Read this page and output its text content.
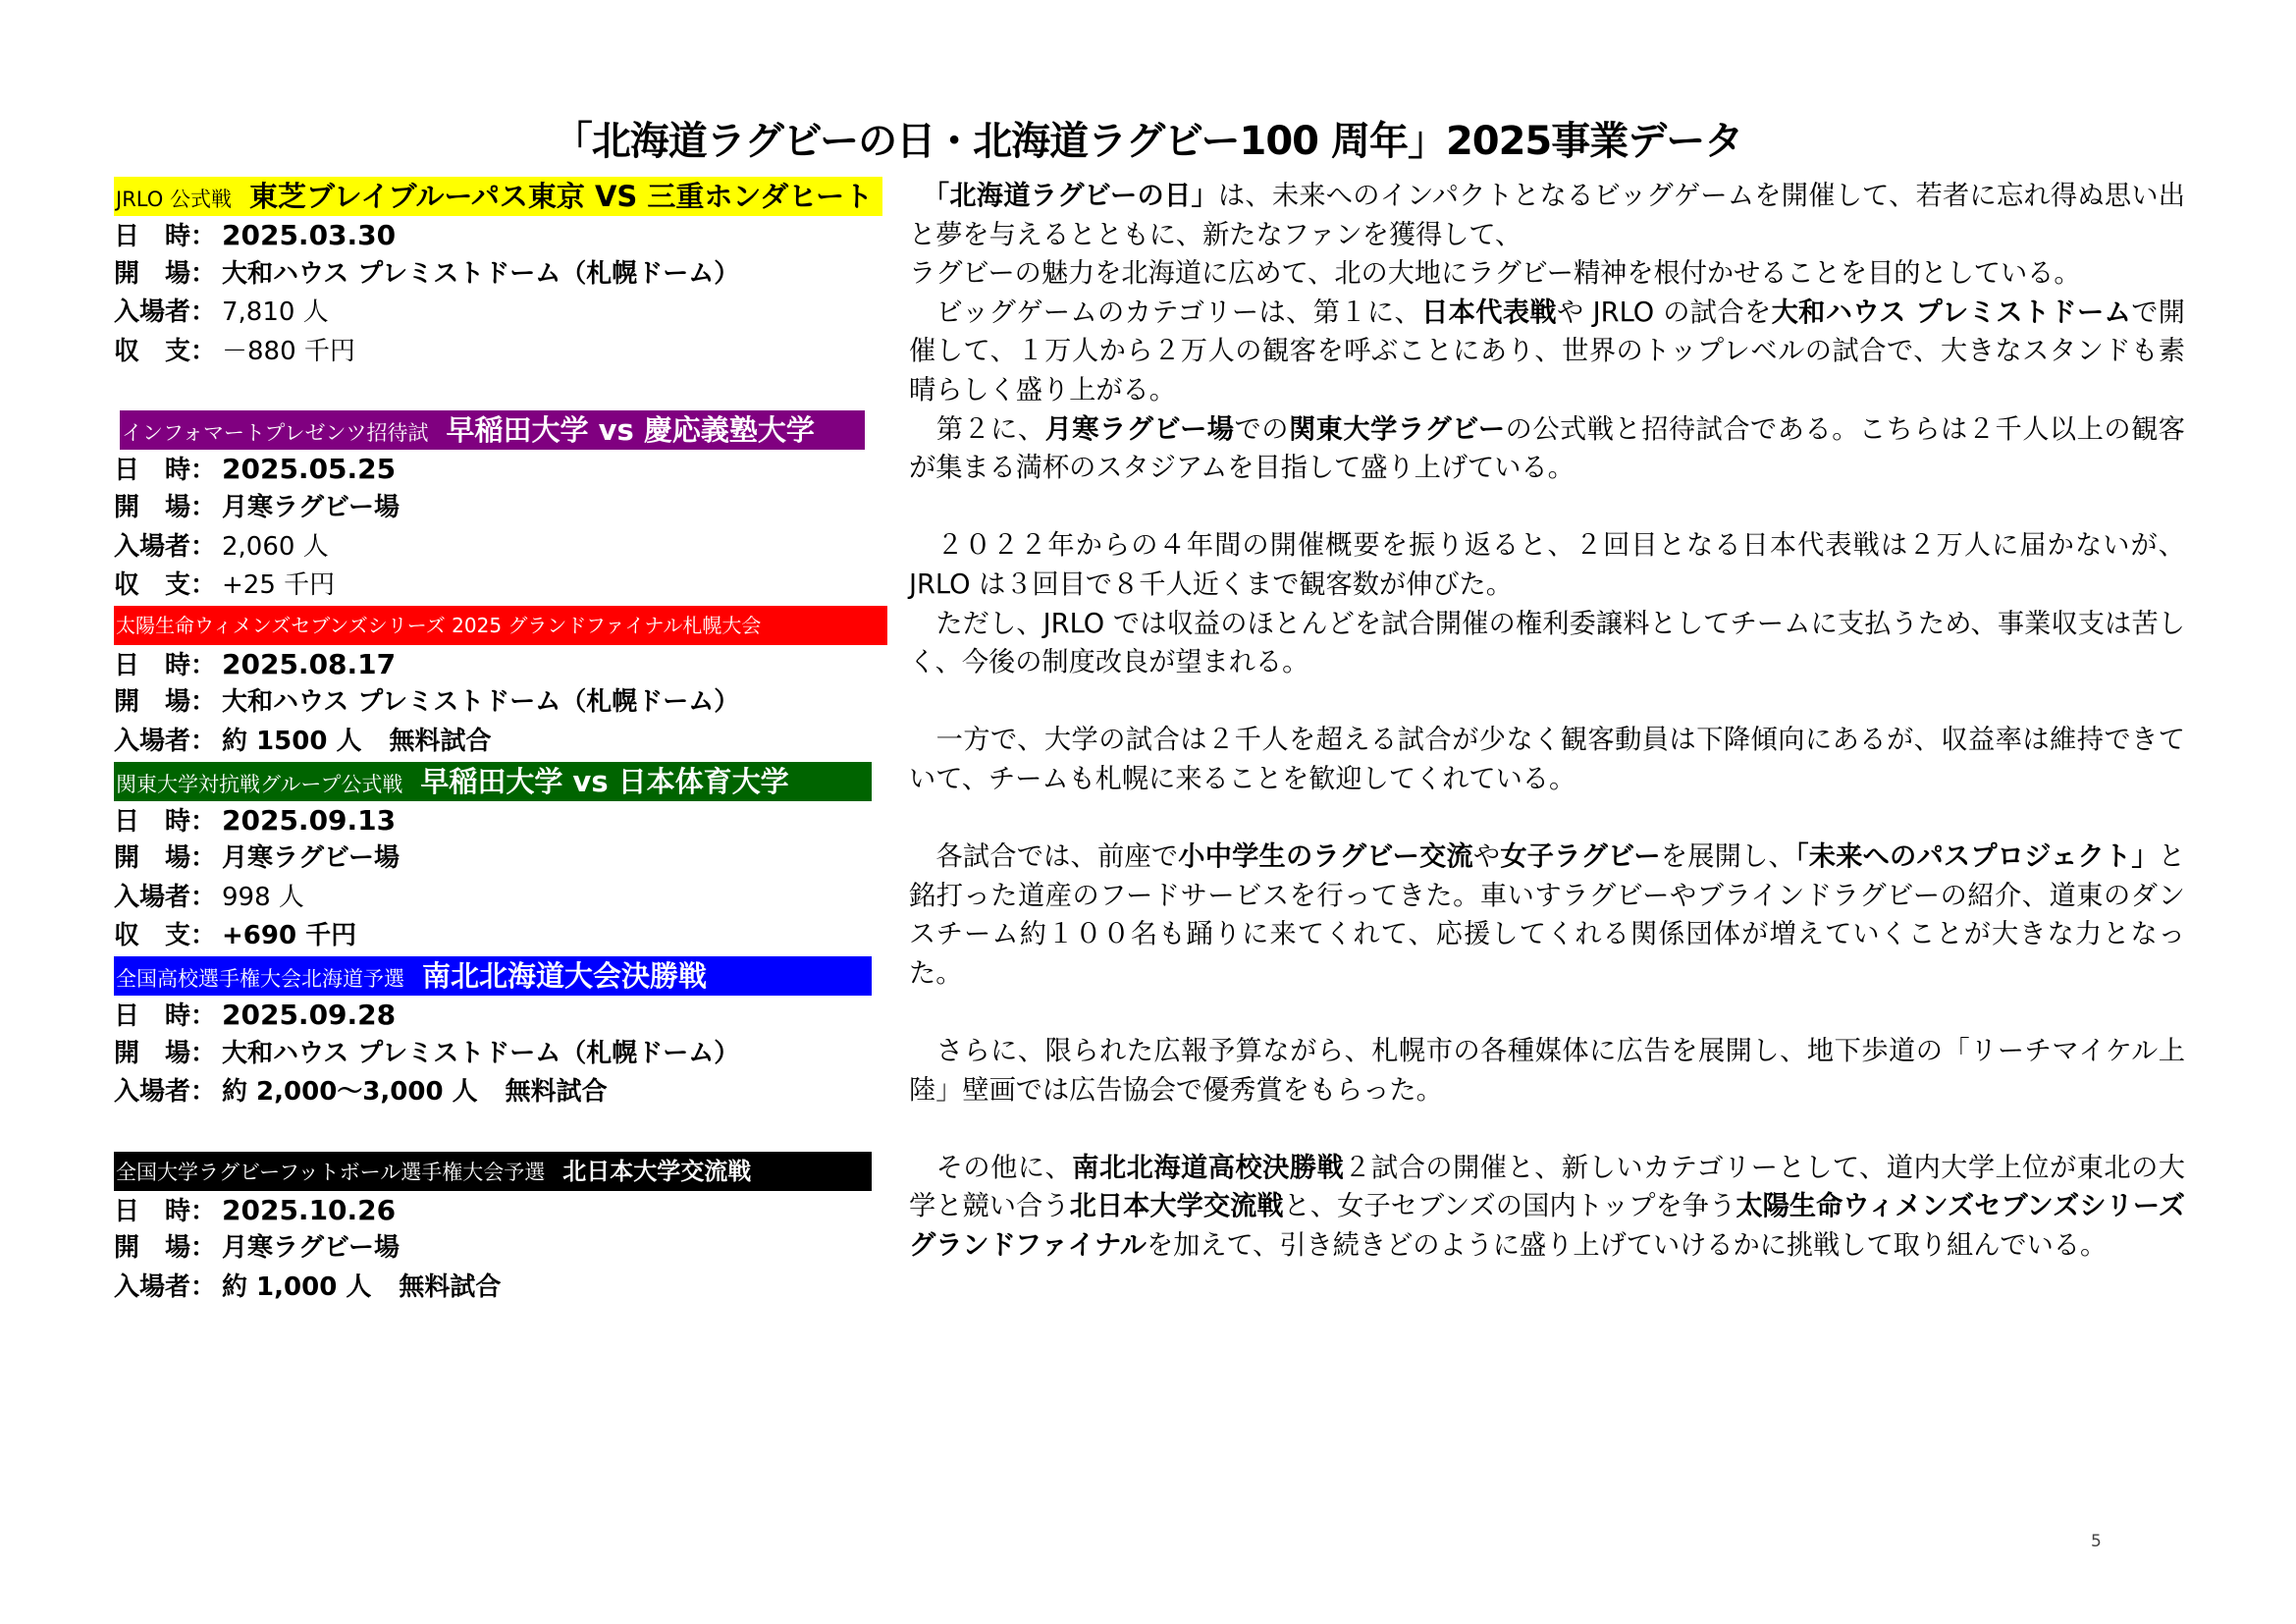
「北海道ラグビーの日・北海道ラグビー100 周年」2025事業データ
JRLO 公式戦 東芝ブレイブルーパス東京 VS 三重ホンダヒート
日　時： 2025.03.30
開　場： 大和ハウス プレミストドーム（札幌ドーム）
入場者： 7,810 人
収　支： －880 千円
インフォマートプレゼンツ招待試 早稲田大学 vs 慶応義塾大学
日　時： 2025.05.25
開　場： 月寒ラグビー場
入場者： 2,060 人
収　支： +25 千円
太陽生命ウィメンズセブンズシリーズ 2025 グランドファイナル札幌大会
日　時： 2025.08.17
開　場： 大和ハウス プレミストドーム（札幌ドーム）
入場者： 約 1500 人 無料試合
関東大学対抗戦グループ公式戦 早稲田大学 vs 日本体育大学
日　時： 2025.09.13
開　場： 月寒ラグビー場
入場者： 998 人
収　支： +690 千円
全国高校選手権大会北海道予選 南北北海道大会決勝戦
日　時： 2025.09.28
開　場： 大和ハウス プレミストドーム（札幌ドーム）
入場者： 約 2,000～3,000 人 無料試合
全国大学ラグビーフットボール選手権大会予選 北日本大学交流戦
日　時： 2025.10.26
開　場： 月寒ラグビー場
入場者： 約 1,000 人 無料試合

　「北海道ラグビーの日」は、未来へのインパクトとなるビッグゲームを開催して、若者に忘れ得ぬ思い出と夢を与えるとともに、新たなファンを獲得して、

ラグビーの魅力を北海道に広めて、北の大地にラグビー精神を根付かせることを目的としている。

　ビッグゲームのカテゴリーは、第１に、日本代表戦や JRLO の試合を大和ハウス プレミストドームで開催して、１万人から２万人の観客を呼ぶことにあり、世界のトップレベルの試合で、大きなスタンドも素晴らしく盛り上がる。

　第２に、月寒ラグビー場での関東大学ラグビーの公式戦と招待試合である。こちらは２千人以上の観客が集まる満杯のスタジアムを目指して盛り上げている。

　２０２２年からの４年間の開催概要を振り返ると、２回目となる日本代表戦は２万人に届かないが、JRLO は３回目で８千人近くまで観客数が伸びた。

　ただし、JRLO では収益のほとんどを試合開催の権利委譲料としてチームに支払うため、事業収支は苦しく、今後の制度改良が望まれる。

　一方で、大学の試合は２千人を超える試合が少なく観客動員は下降傾向にあるが、収益率は維持できていて、チームも札幌に来ることを歓迎してくれている。

　各試合では、前座で小中学生のラグビー交流や女子ラグビーを展開し、「未来へのパスプロジェクト」と銘打った道産のフードサービスを行ってきた。車いすラグビーやブラインドラグビーの紹介、道東のダンスチーム約１００名も踊りに来てくれて、応援してくれる関係団体が増えていくことが大きな力となった。

　さらに、限られた広報予算ながら、札幌市の各種媒体に広告を展開し、地下歩道の「リーチマイケル上陸」壁画では広告協会で優秀賞をもらった。

　その他に、南北北海道高校決勝戦２試合の開催と、新しいカテゴリーとして、道内大学上位が東北の大学と競い合う北日本大学交流戦と、女子セブンズの国内トップを争う太陽生命ウィメンズセブンズシリーズグランドファイナルを加えて、引き続きどのように盛り上げていけるかに挑戦して取り組んでいる。

5
